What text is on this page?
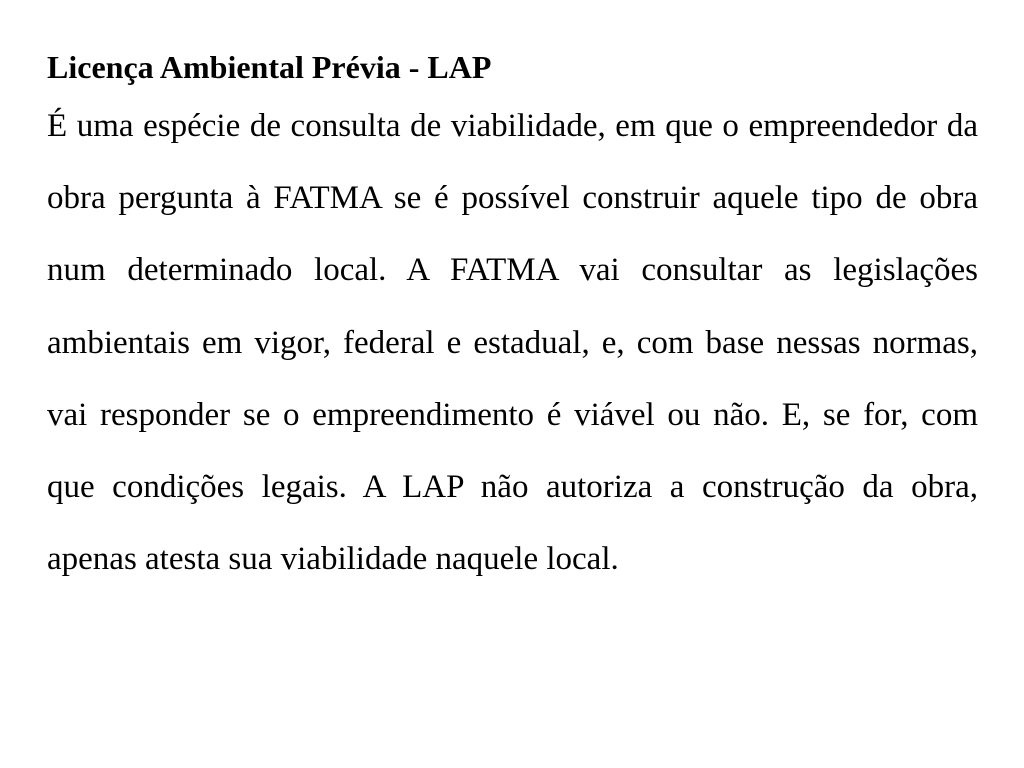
Licença Ambiental Prévia - LAP

É uma espécie de consulta de viabilidade, em que o empreendedor da obra pergunta à FATMA se é possível construir aquele tipo de obra num determinado local. A FATMA vai consultar as legislações ambientais em vigor, federal e estadual, e, com base nessas normas, vai responder se o empreendimento é viável ou não. E, se for, com que condições legais. A LAP não autoriza a construção da obra, apenas atesta sua viabilidade naquele local.
